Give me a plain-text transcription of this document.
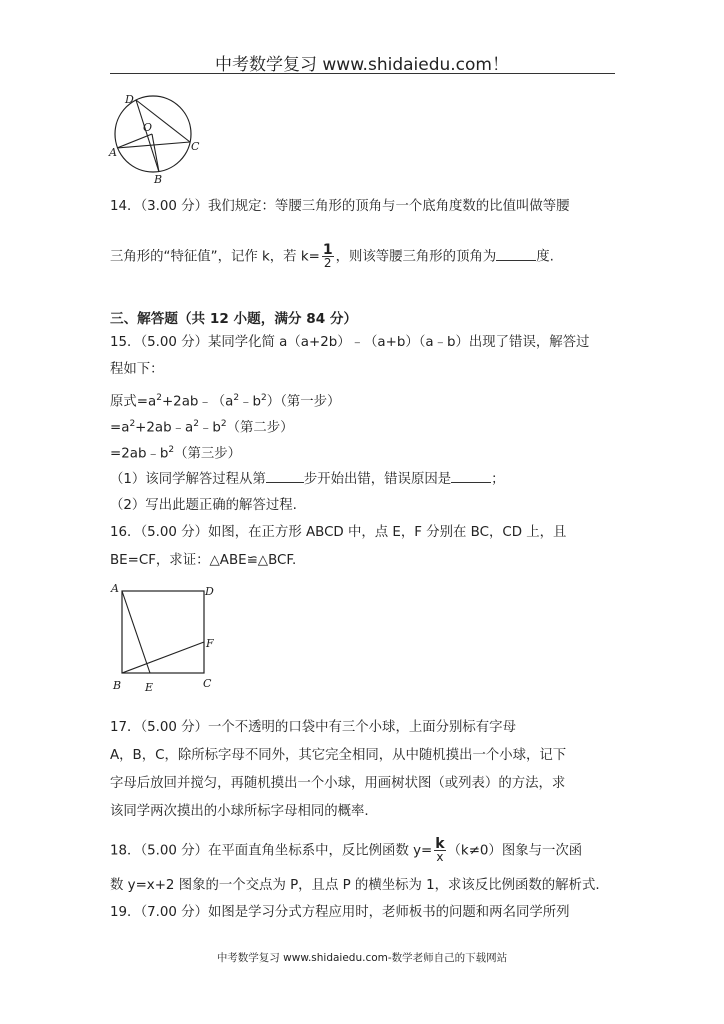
中考数学复习 www.shidaiedu.com！
D
O
A	C
B
14．（3.00 分）我们规定：等腰三角形的顶角与一个底角度数的比值叫做等腰
三角形的“特征值”，记作 k，若 $k= \frac{1}{2}$ ，则该等腰三角形的顶角为	度.
三、解答题（共 12 小题，满分 84 分）
15．（5.00 分）某同学化简 a（a+2b）﹣（a+b）（a﹣b）出现了错误，解答过
程如下：
原式$=a^2+2ab﹣(a^2﹣b^2)$（第一步）
$=a^2+2ab﹣a^2﹣b^2$（第二步）
$=2ab﹣b^2$（第三步）
（1）该同学解答过程从第	步开始出错，错误原因是	；
（2）写出此题正确的解答过程.
16．（5.00 分）如图，在正方形 ABCD 中，点 E，F 分别在 BC，CD 上，且
BE=CF，求证：△ABE≌△BCF.
A	D
F
B E	C
17．（5.00 分）一个不透明的口袋中有三个小球，上面分别标有字母
A，B，C，除所标字母不同外，其它完全相同，从中随机摸出一个小球，记下
字母后放回并搅匀，再随机摸出一个小球，用画树状图（或列表）的方法，求
该同学两次摸出的小球所标字母相同的概率.
18．（5.00 分）在平面直角坐标系中，反比例函数 $y= \frac{k}{x} (k\ne 0)$图象与一次函
数 y=x+2 图象的一个交点为 P，且点 P 的横坐标为 1，求该反比例函数的解析式.
19．（7.00 分）如图是学习分式方程应用时，老师板书的问题和两名同学所列
中考数学复习 www.shidaiedu.com-数学老师自己的下载网站
